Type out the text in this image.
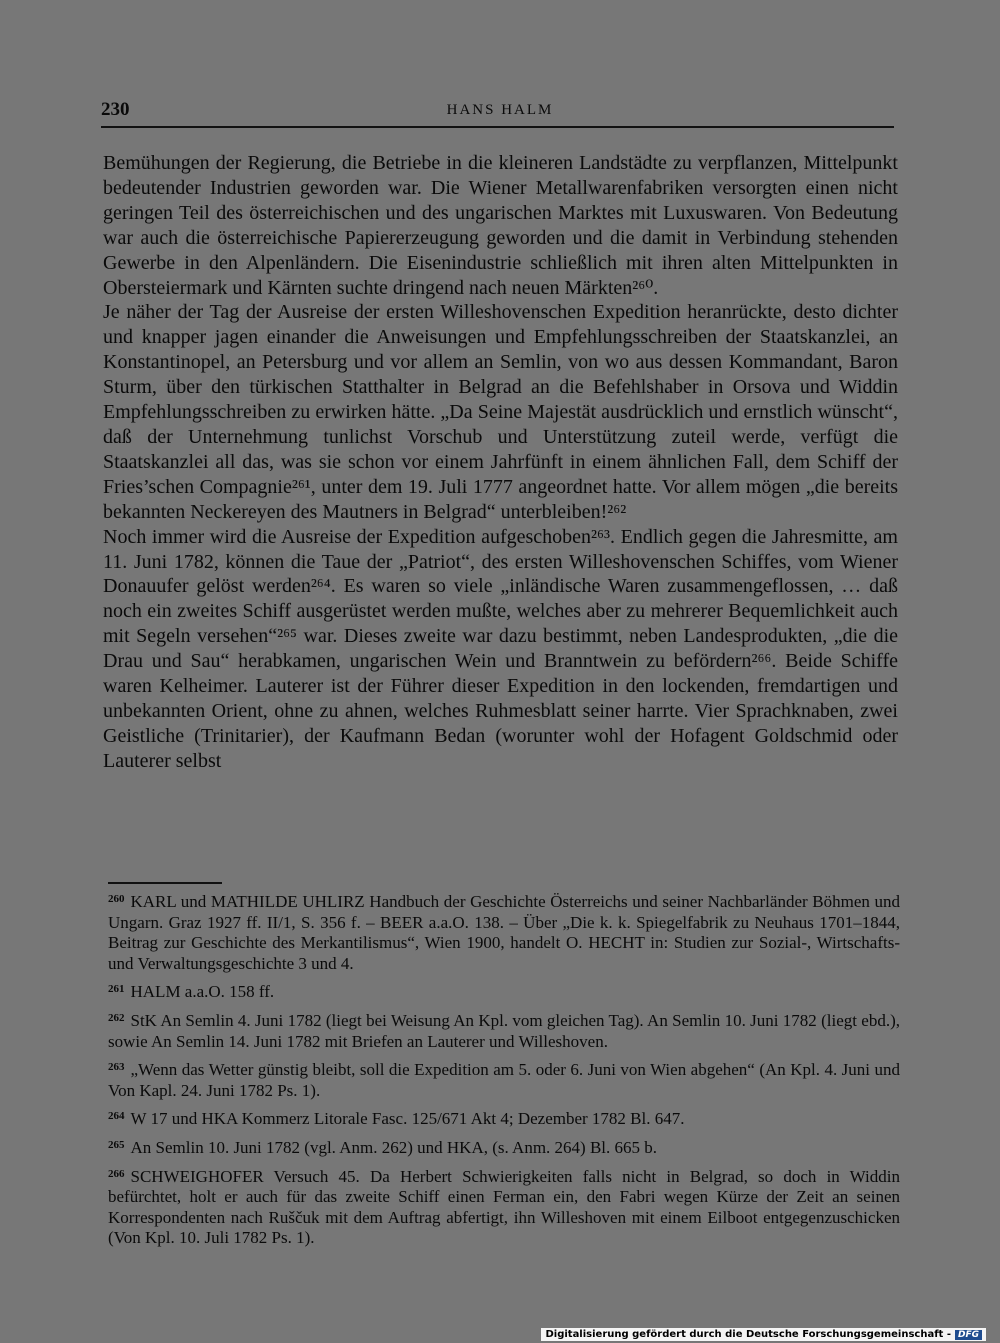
230	HANS HALM

Bemühungen der Regierung, die Betriebe in die kleineren Landstädte zu verpflanzen, Mittelpunkt bedeutender Industrien geworden war. Die Wiener Metallwarenfabriken versorgten einen nicht geringen Teil des österreichischen und des ungarischen Marktes mit Luxuswaren. Von Bedeutung war auch die österreichische Papiererzeugung geworden und die damit in Verbindung stehenden Gewerbe in den Alpenländern. Die Eisenindustrie schließlich mit ihren alten Mittelpunkten in Obersteiermark und Kärnten suchte dringend nach neuen Märkten²⁶⁰.

Je näher der Tag der Ausreise der ersten Willeshovenschen Expedition heranrückte, desto dichter und knapper jagen einander die Anweisungen und Empfehlungsschreiben der Staatskanzlei, an Konstantinopel, an Petersburg und vor allem an Semlin, von wo aus dessen Kommandant, Baron Sturm, über den türkischen Statthalter in Belgrad an die Befehlshaber in Orsova und Widdin Empfehlungsschreiben zu erwirken hätte. „Da Seine Majestät ausdrücklich und ernstlich wünscht“, daß der Unternehmung tunlichst Vorschub und Unterstützung zuteil werde, verfügt die Staatskanzlei all das, was sie schon vor einem Jahrfünft in einem ähnlichen Fall, dem Schiff der Fries’schen Compagnie²⁶¹, unter dem 19. Juli 1777 angeordnet hatte. Vor allem mögen „die bereits bekannten Neckereyen des Mautners in Belgrad“ unterbleiben!²⁶²

Noch immer wird die Ausreise der Expedition aufgeschoben²⁶³. Endlich gegen die Jahresmitte, am 11. Juni 1782, können die Taue der „Patriot“, des ersten Willeshovenschen Schiffes, vom Wiener Donauufer gelöst werden²⁶⁴. Es waren so viele „inländische Waren zusammengeflossen, … daß noch ein zweites Schiff ausgerüstet werden mußte, welches aber zu mehrerer Bequemlichkeit auch mit Segeln versehen“²⁶⁵ war. Dieses zweite war dazu bestimmt, neben Landesprodukten, „die die Drau und Sau“ herabkamen, ungarischen Wein und Branntwein zu befördern²⁶⁶. Beide Schiffe waren Kelheimer. Lauterer ist der Führer dieser Expedition in den lockenden, fremdartigen und unbekannten Orient, ohne zu ahnen, welches Ruhmesblatt seiner harrte. Vier Sprachknaben, zwei Geistliche (Trinitarier), der Kaufmann Bedan (worunter wohl der Hofagent Goldschmid oder Lauterer selbst

$^{260}$ KARL und MATHILDE UHLIRZ Handbuch der Geschichte Österreichs und seiner Nachbarländer Böhmen und Ungarn. Graz 1927 ff. II/1, S. 356 f. – BEER a.a.O. 138. – Über „Die k. k. Spiegelfabrik zu Neuhaus 1701–1844, Beitrag zur Geschichte des Merkantilismus“, Wien 1900, handelt O. HECHT in: Studien zur Sozial-, Wirtschafts- und Verwaltungsgeschichte 3 und 4.
$^{261}$ HALM a.a.O. 158 ff.
$^{262}$ StK An Semlin 4. Juni 1782 (liegt bei Weisung An Kpl. vom gleichen Tag). An Semlin 10. Juni 1782 (liegt ebd.), sowie An Semlin 14. Juni 1782 mit Briefen an Lauterer und Willeshoven.
$^{263}$ „Wenn das Wetter günstig bleibt, soll die Expedition am 5. oder 6. Juni von Wien abgehen“ (An Kpl. 4. Juni und Von Kapl. 24. Juni 1782 Ps. 1).
$^{264}$ W 17 und HKA Kommerz Litorale Fasc. 125/671 Akt 4; Dezember 1782 Bl. 647.
$^{265}$ An Semlin 10. Juni 1782 (vgl. Anm. 262) und HKA, (s. Anm. 264) Bl. 665 b.
$^{266}$ SCHWEIGHOFER Versuch 45. Da Herbert Schwierigkeiten falls nicht in Belgrad, so doch in Widdin befürchtet, holt er auch für das zweite Schiff einen Ferman ein, den Fabri wegen Kürze der Zeit an seinen Korrespondenten nach Ruščuk mit dem Auftrag abfertigt, ihn Willeshoven mit einem Eilboot entgegenzuschicken (Von Kpl. 10. Juli 1782 Ps. 1).
Digitalisierung gefördert durch die Deutsche Forschungsgemeinschaft - DFG
